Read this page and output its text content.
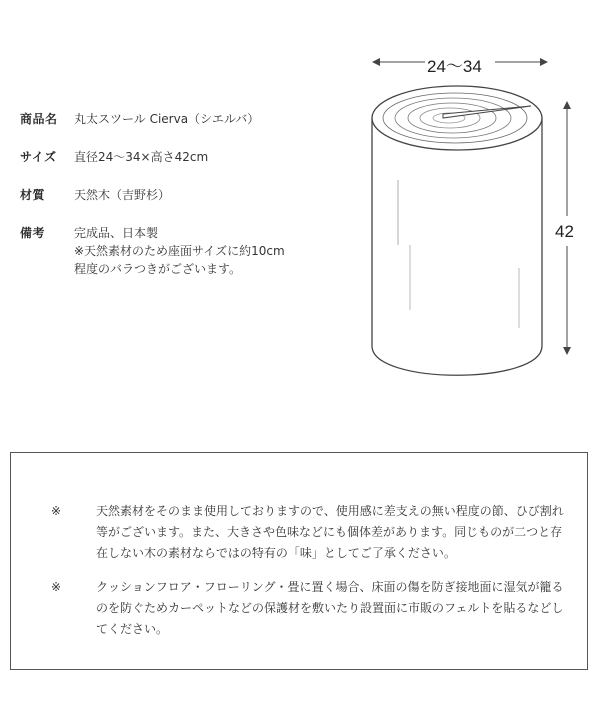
商品名	丸太スツール Cierva（シエルバ）
サイズ	直径24〜34×高さ42cm
材質	天然木（吉野杉）
備考	完成品、日本製
※天然素材のため座面サイズに約10cm
程度のバラつきがございます。
24〜34
42
※	天然素材をそのまま使用しておりますので、使用感に差支えの無い程度の節、ひび割れ等がございます。また、大きさや色味などにも個体差があります。同じものが二つと存在しない木の素材ならではの特有の「味」としてご了承ください。
※	クッションフロア・フローリング・畳に置く場合、床面の傷を防ぎ接地面に湿気が籠るのを防ぐためカーペットなどの保護材を敷いたり設置面に市販のフェルトを貼るなどしてください。
